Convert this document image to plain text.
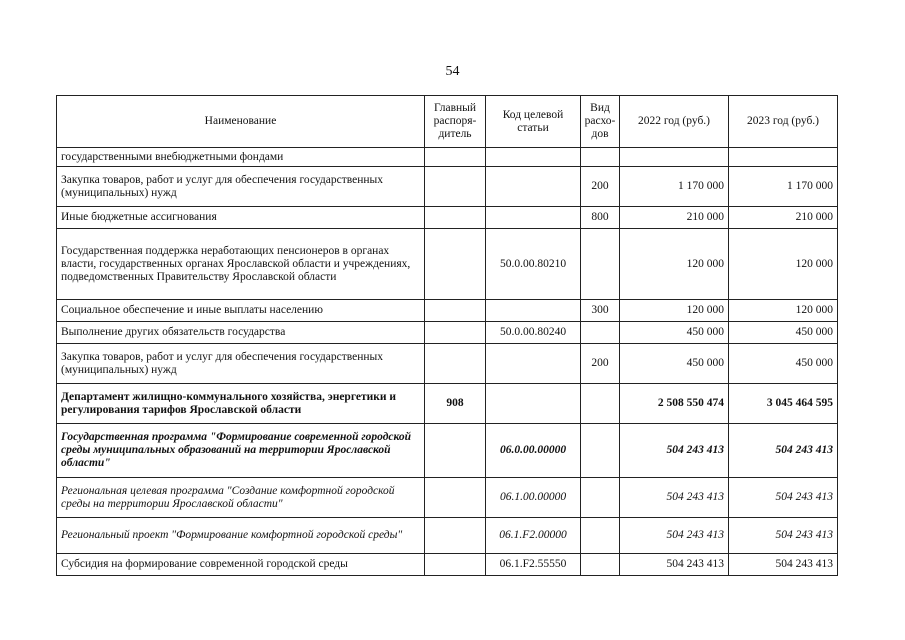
54
Наименование	Главный распоря-дитель	Код целевой статьи	Вид расхо-дов	2022 год (руб.)	2023 год (руб.)
государственными внебюджетными фондами					
Закупка товаров, работ и услуг для обеспечения государственных (муниципальных) нужд			200	1 170 000	1 170 000
Иные бюджетные ассигнования			800	210 000	210 000
Государственная поддержка неработающих пенсионеров в органах власти, государственных органах Ярославской области и учреждениях, подведомственных Правительству Ярославской области		50.0.00.80210		120 000	120 000
Социальное обеспечение и иные выплаты населению			300	120 000	120 000
Выполнение других обязательств государства		50.0.00.80240		450 000	450 000
Закупка товаров, работ и услуг для обеспечения государственных (муниципальных) нужд			200	450 000	450 000
Департамент жилищно-коммунального хозяйства, энергетики и регулирования тарифов Ярославской области	908			2 508 550 474	3 045 464 595
Государственная программа "Формирование современной городской среды муниципальных образований на территории Ярославской области"		06.0.00.00000		504 243 413	504 243 413
Региональная целевая программа "Создание комфортной городской среды на территории Ярославской области"		06.1.00.00000		504 243 413	504 243 413
Региональный проект "Формирование комфортной городской среды"		06.1.F2.00000		504 243 413	504 243 413
Субсидия на формирование современной городской среды		06.1.F2.55550		504 243 413	504 243 413
